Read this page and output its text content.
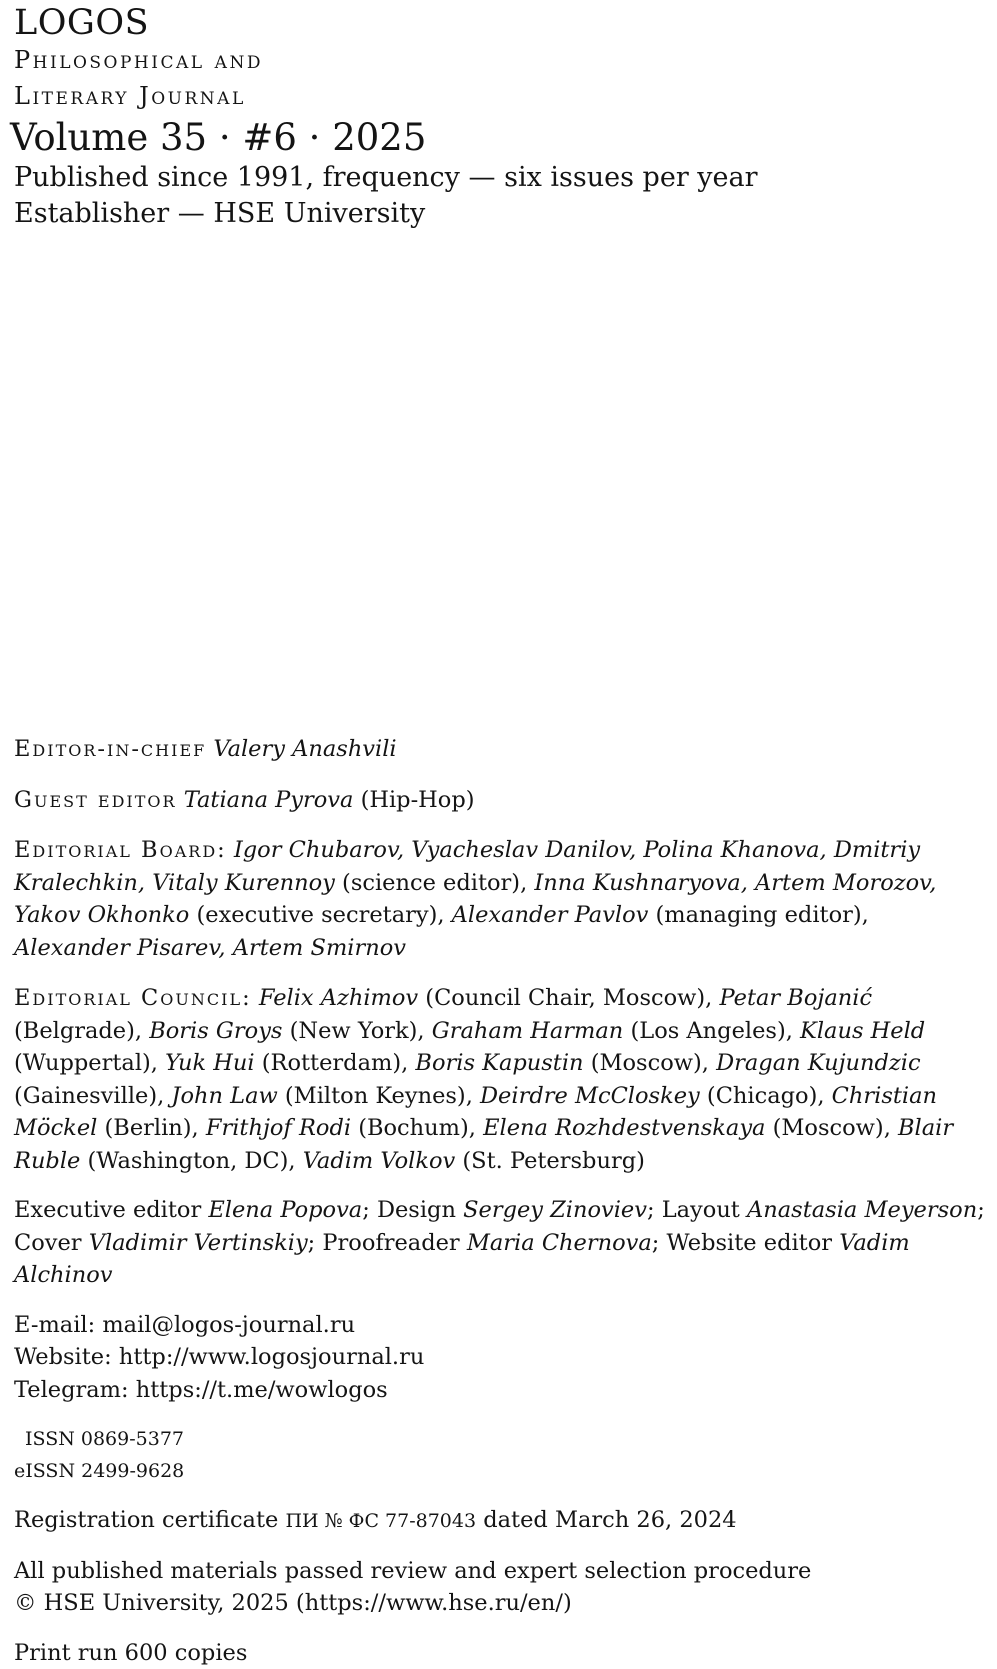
LOGOS
Philosophical and
Literary Journal
Volume 35 · #6 · 2025
Published since 1991, frequency — six issues per year
Establisher — HSE University

Editor-in-chief Valery Anashvili

Guest editor Tatiana Pyrova (Hip-Hop)

Editorial Board: Igor Chubarov, Vyacheslav Danilov, Polina Khanova, Dmitriy Kralechkin, Vitaly Kurennoy (science editor), Inna Kushnaryova, Artem Morozov, Yakov Okhonko (executive secretary), Alexander Pavlov (managing editor), Alexander Pisarev, Artem Smirnov

Editorial Council: Felix Azhimov (Council Chair, Moscow), Petar Bojanić (Belgrade), Boris Groys (New York), Graham Harman (Los Angeles), Klaus Held (Wuppertal), Yuk Hui (Rotterdam), Boris Kapustin (Moscow), Dragan Kujundzic (Gainesville), John Law (Milton Keynes), Deirdre McCloskey (Chicago), Christian Möckel (Berlin), Frithjof Rodi (Bochum), Elena Rozhdestvenskaya (Moscow), Blair Ruble (Washington, DC), Vadim Volkov (St. Petersburg)

Executive editor Elena Popova; Design Sergey Zinoviev; Layout Anastasia Meyerson; Cover Vladimir Vertinskiy; Proofreader Maria Chernova; Website editor Vadim Alchinov

E-mail: mail@logos-journal.ru

Website: http://www.logosjournal.ru

Telegram: https://t.me/wowlogos

ISSN 0869-5377

eISSN 2499-9628

Registration certificate ПИ № ФС 77-87043 dated March 26, 2024

All published materials passed review and expert selection procedure

© HSE University, 2025 (https://www.hse.ru/en/)

Print run 600 copies
